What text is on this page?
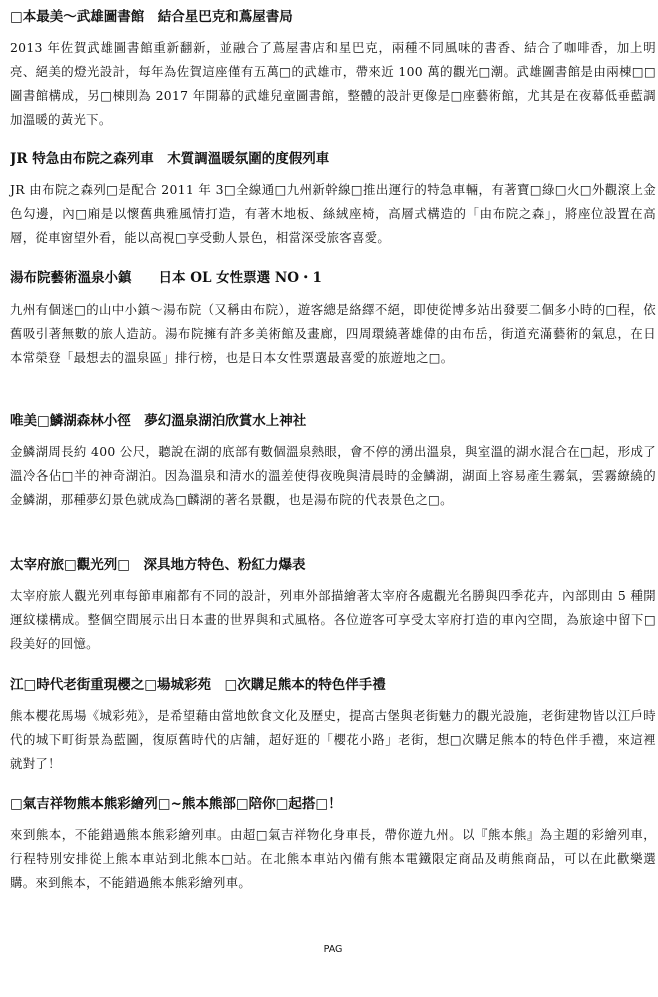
□本最美～武雄圖書館　結合星巴克和蔦屋書局
2013 年佐賀武雄圖書館重新翻新，並融合了蔦屋書店和星巴克，兩種不同風味的書香、結合了咖啡香，加上明亮、絕美的燈光設計，每年為佐賀這座僅有五萬□的武雄市，帶來近 100 萬的觀光□潮。武雄圖書館是由兩棟□□圖書館構成，另□棟則為 2017 年開幕的武雄兒童圖書館，整體的設計更像是□座藝術館，尤其是在夜幕低垂藍調加溫暖的黃光下。
JR 特急由布院之森列車　木質調溫暖氛圍的度假列車
JR 由布院之森列□是配合 2011 年 3□全線通□九州新幹線□推出運行的特急車輛，有著寶□綠□火□外觀滾上金色勾邊，內□廂是以懷舊典雅風情打造，有著木地板、絲絨座椅，高層式構造的「由布院之森」，將座位設置在高層，從車窗望外看，能以高視□享受動人景色，相當深受旅客喜愛。
湯布院藝術溫泉小鎮　　日本 OL 女性票選 NO・1
九州有個迷□的山中小鎮～湯布院（又稱由布院），遊客總是絡繹不絕，即使從博多站出發要二個多小時的□程，依舊吸引著無數的旅人造訪。湯布院擁有許多美術館及畫廊，四周環繞著雄偉的由布岳，街道充滿藝術的氣息，在日本常榮登「最想去的溫泉區」排行榜，也是日本女性票選最喜愛的旅遊地之□。
唯美□鱗湖森林小徑　夢幻溫泉湖泊欣賞水上神社
金鱗湖周長約 400 公尺，聽說在湖的底部有數個溫泉熱眼，會不停的湧出溫泉，與室溫的湖水混合在□起，形成了溫冷各佔□半的神奇湖泊。因為溫泉和清水的溫差使得夜晚與清晨時的金鱗湖，湖面上容易產生霧氣，雲霧繚繞的金鱗湖，那種夢幻景色就成為□麟湖的著名景觀，也是湯布院的代表景色之□。
太宰府旅□觀光列□　深具地方特色、粉紅力爆表
太宰府旅人觀光列車每節車廂都有不同的設計，列車外部描繪著太宰府各處觀光名勝與四季花卉，內部則由 5 種開運紋樣構成。整個空間展示出日本畫的世界與和式風格。各位遊客可享受太宰府打造的車內空間，為旅途中留下□段美好的回憶。
江□時代老街重現櫻之□場城彩苑　□次購足熊本的特色伴手禮
熊本櫻花馬場《城彩苑》，是希望藉由當地飲食文化及歷史，提高古堡與老街魅力的觀光設施，老街建物皆以江戶時代的城下町街景為藍圖，復原舊時代的店舖，超好逛的「櫻花小路」老街，想□次購足熊本的特色伴手禮，來這裡就對了！
□氣吉祥物熊本熊彩繪列□~熊本熊部□陪你□起搭□！
來到熊本，不能錯過熊本熊彩繪列車。由超□氣吉祥物化身車長，帶你遊九州。以『熊本熊』為主題的彩繪列車，行程特別安排從上熊本車站到北熊本□站。在北熊本車站內備有熊本電鐵限定商品及萌熊商品，可以在此歡樂選購。來到熊本，不能錯過熊本熊彩繪列車。
PAG
